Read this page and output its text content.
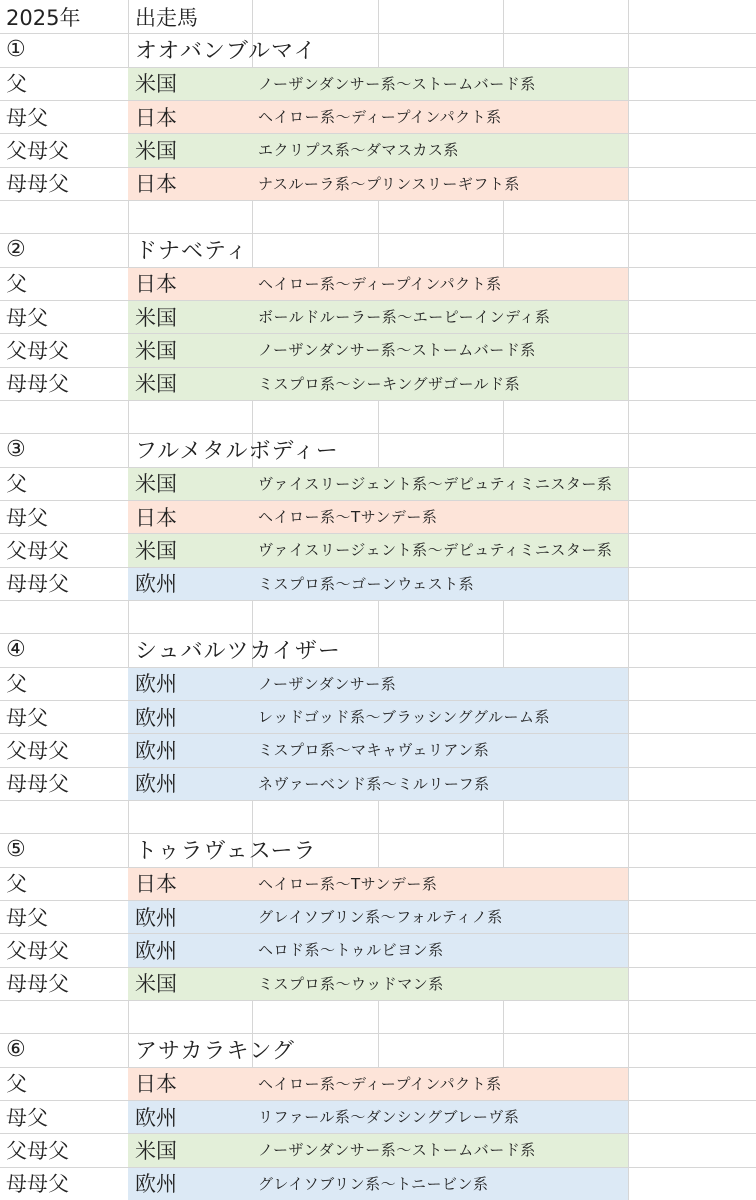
2025年	出走馬
①	オオバンブルマイ
父	米国	ノーザンダンサー系〜ストームバード系
母父	日本	ヘイロー系〜ディープインパクト系
父母父	米国	エクリプス系〜ダマスカス系
母母父	日本	ナスルーラ系〜プリンスリーギフト系
②	ドナベティ
父	日本	ヘイロー系〜ディープインパクト系
母父	米国	ボールドルーラー系〜エーピーインディ系
父母父	米国	ノーザンダンサー系〜ストームバード系
母母父	米国	ミスプロ系〜シーキングザゴールド系
③	フルメタルボディー
父	米国	ヴァイスリージェント系〜デピュティミニスター系
母父	日本	ヘイロー系〜Tサンデー系
父母父	米国	ヴァイスリージェント系〜デピュティミニスター系
母母父	欧州	ミスプロ系〜ゴーンウェスト系
④	シュバルツカイザー
父	欧州	ノーザンダンサー系
母父	欧州	レッドゴッド系〜ブラッシンググルーム系
父母父	欧州	ミスプロ系〜マキャヴェリアン系
母母父	欧州	ネヴァーベンド系〜ミルリーフ系
⑤	トゥラヴェスーラ
父	日本	ヘイロー系〜Tサンデー系
母父	欧州	グレイソブリン系〜フォルティノ系
父母父	欧州	ヘロド系〜トゥルビヨン系
母母父	米国	ミスプロ系〜ウッドマン系
⑥	アサカラキング
父	日本	ヘイロー系〜ディープインパクト系
母父	欧州	リファール系〜ダンシングブレーヴ系
父母父	米国	ノーザンダンサー系〜ストームバード系
母母父	欧州	グレイソブリン系〜トニービン系
